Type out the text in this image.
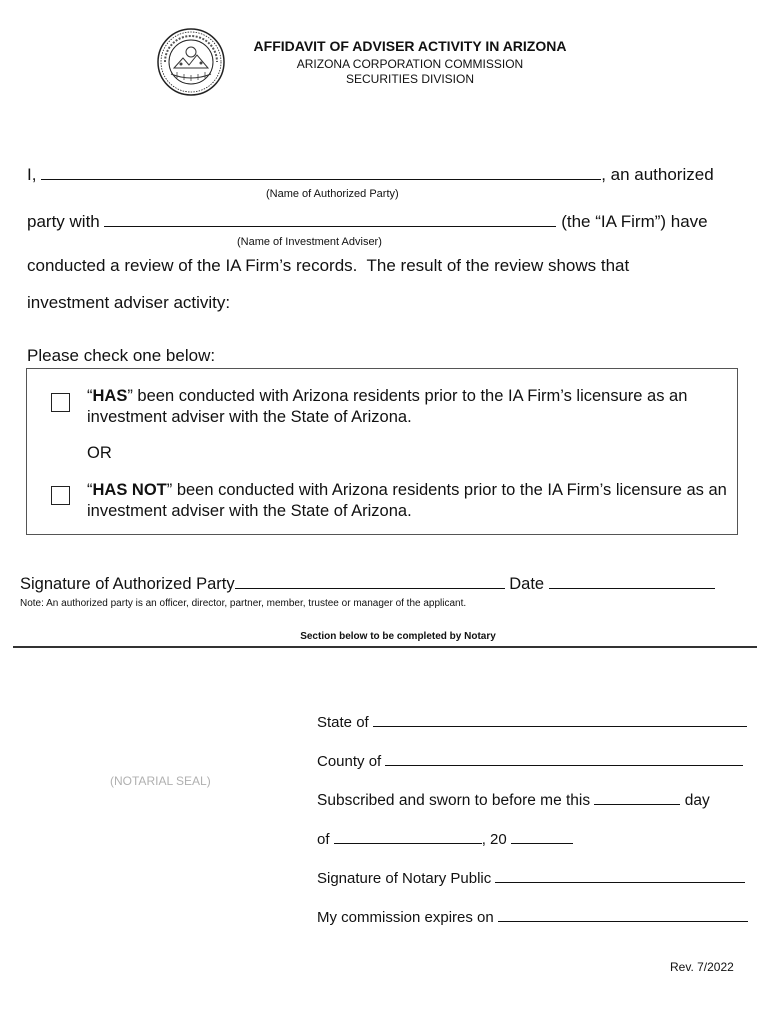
AFFIDAVIT OF ADVISER ACTIVITY IN ARIZONA
ARIZONA CORPORATION COMMISSION
SECURITIES DIVISION
I,	, an authorized
(Name of Authorized Party)
party with	(the “IA Firm”) have
(Name of Investment Adviser)
conducted a review of the IA Firm’s records.  The result of the review shows that
investment adviser activity:
Please check one below:
“HAS” been conducted with Arizona residents prior to the IA Firm’s licensure as an investment adviser with the State of Arizona.
OR
“HAS NOT” been conducted with Arizona residents prior to the IA Firm’s licensure as an investment adviser with the State of Arizona.
Signature of Authorized Party	Date
Note: An authorized party is an officer, director, partner, member, trustee or manager of the applicant.
Section below to be completed by Notary
(NOTARIAL SEAL)
State of
County of
Subscribed and sworn to before me this	day
of	, 20
Signature of Notary Public
My commission expires on
Rev. 7/2022
